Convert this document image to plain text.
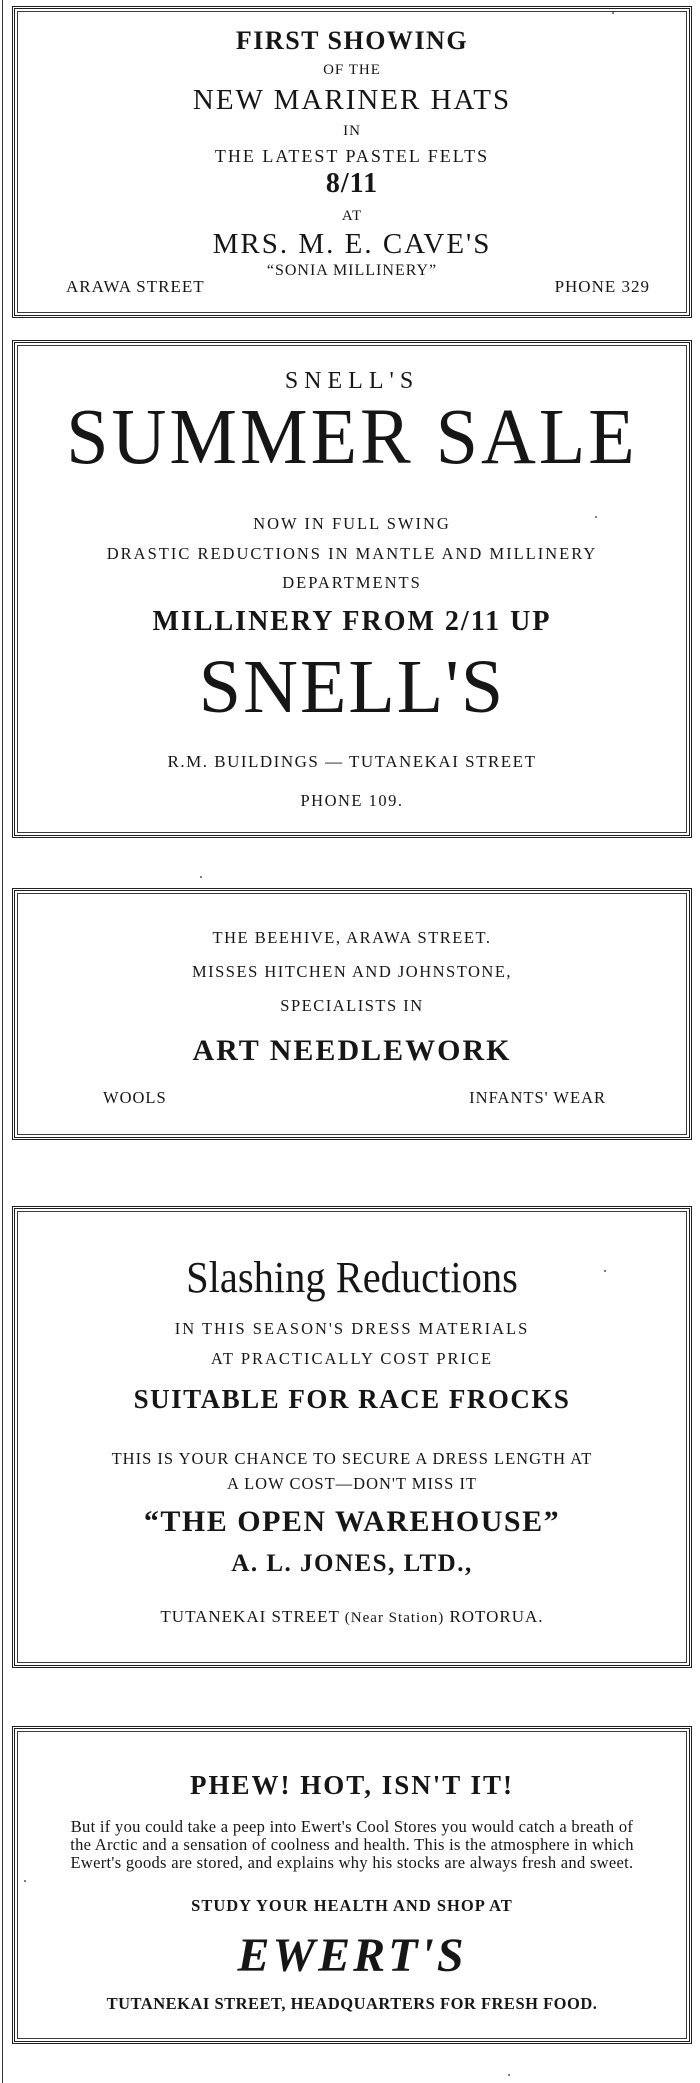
FIRST SHOWING
OF THE
NEW MARINER HATS
IN
THE LATEST PASTEL FELTS
8/11
AT
MRS. M. E. CAVE'S
“SONIA MILLINERY”
ARAWA STREET	PHONE 329
SNELL'S
SUMMER SALE
NOW IN FULL SWING
DRASTIC REDUCTIONS IN MANTLE AND MILLINERY
DEPARTMENTS
MILLINERY FROM 2/11 UP
SNELL'S
R.M. BUILDINGS — TUTANEKAI STREET
PHONE 109.
THE BEEHIVE, ARAWA STREET.
MISSES HITCHEN AND JOHNSTONE,
SPECIALISTS IN
ART NEEDLEWORK
WOOLS	INFANTS' WEAR
Slashing Reductions
IN THIS SEASON'S DRESS MATERIALS
AT PRACTICALLY COST PRICE
SUITABLE FOR RACE FROCKS
THIS IS YOUR CHANCE TO SECURE A DRESS LENGTH AT
A LOW COST—DON'T MISS IT
“THE OPEN WAREHOUSE”
A. L. JONES, LTD.,
TUTANEKAI STREET (Near Station) ROTORUA.
PHEW! HOT, ISN'T IT!
But if you could take a peep into Ewert's Cool Stores you would catch a breath of the Arctic and a sensation of coolness and health. This is the atmosphere in which Ewert's goods are stored, and explains why his stocks are always fresh and sweet.
STUDY YOUR HEALTH AND SHOP AT
EWERT'S
TUTANEKAI STREET, HEADQUARTERS FOR FRESH FOOD.
